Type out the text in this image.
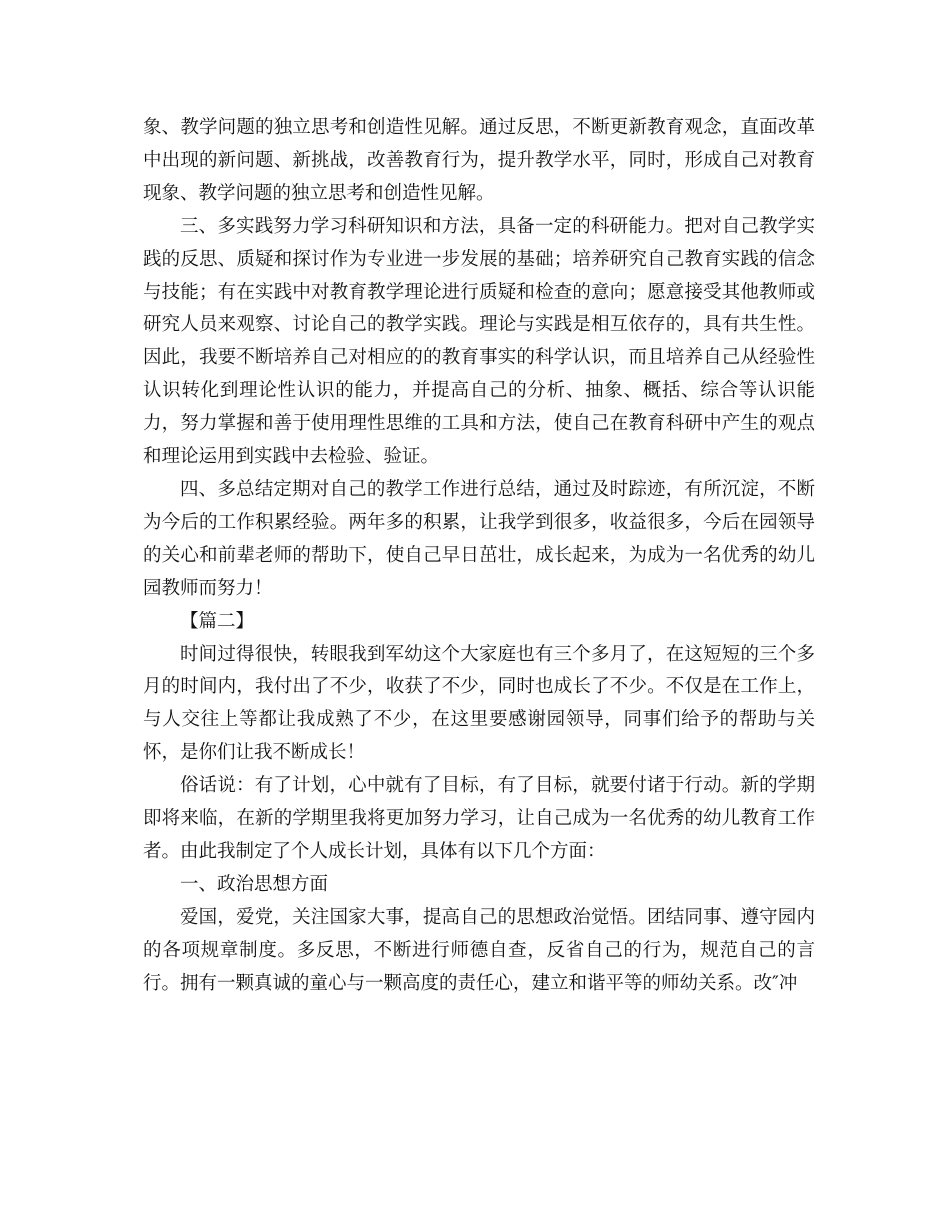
象、教学问题的独立思考和创造性见解。通过反思，不断更新教育观念，直面改革中出现的新问题、新挑战，改善教育行为，提升教学水平，同时，形成自己对教育现象、教学问题的独立思考和创造性见解。

三、多实践努力学习科研知识和方法，具备一定的科研能力。把对自己教学实践的反思、质疑和探讨作为专业进一步发展的基础；培养研究自己教育实践的信念与技能；有在实践中对教育教学理论进行质疑和检查的意向；愿意接受其他教师或研究人员来观察、讨论自己的教学实践。理论与实践是相互依存的，具有共生性。因此，我要不断培养自己对相应的的教育事实的科学认识，而且培养自己从经验性认识转化到理论性认识的能力，并提高自己的分析、抽象、概括、综合等认识能力，努力掌握和善于使用理性思维的工具和方法，使自己在教育科研中产生的观点和理论运用到实践中去检验、验证。

四、多总结定期对自己的教学工作进行总结，通过及时踪迹，有所沉淀，不断为今后的工作积累经验。两年多的积累，让我学到很多，收益很多，今后在园领导的关心和前辈老师的帮助下，使自己早日茁壮，成长起来，为成为一名优秀的幼儿园教师而努力！

【篇二】

时间过得很快，转眼我到军幼这个大家庭也有三个多月了，在这短短的三个多月的时间内，我付出了不少，收获了不少，同时也成长了不少。不仅是在工作上，与人交往上等都让我成熟了不少，在这里要感谢园领导，同事们给予的帮助与关怀，是你们让我不断成长！

俗话说：有了计划，心中就有了目标，有了目标，就要付诸于行动。新的学期即将来临，在新的学期里我将更加努力学习，让自己成为一名优秀的幼儿教育工作者。由此我制定了个人成长计划，具体有以下几个方面：

一、政治思想方面

爱国，爱党，关注国家大事，提高自己的思想政治觉悟。团结同事、遵守园内的各项规章制度。多反思，不断进行师德自查，反省自己的行为，规范自己的言行。拥有一颗真诚的童心与一颗高度的责任心，建立和谐平等的师幼关系。改″冲
